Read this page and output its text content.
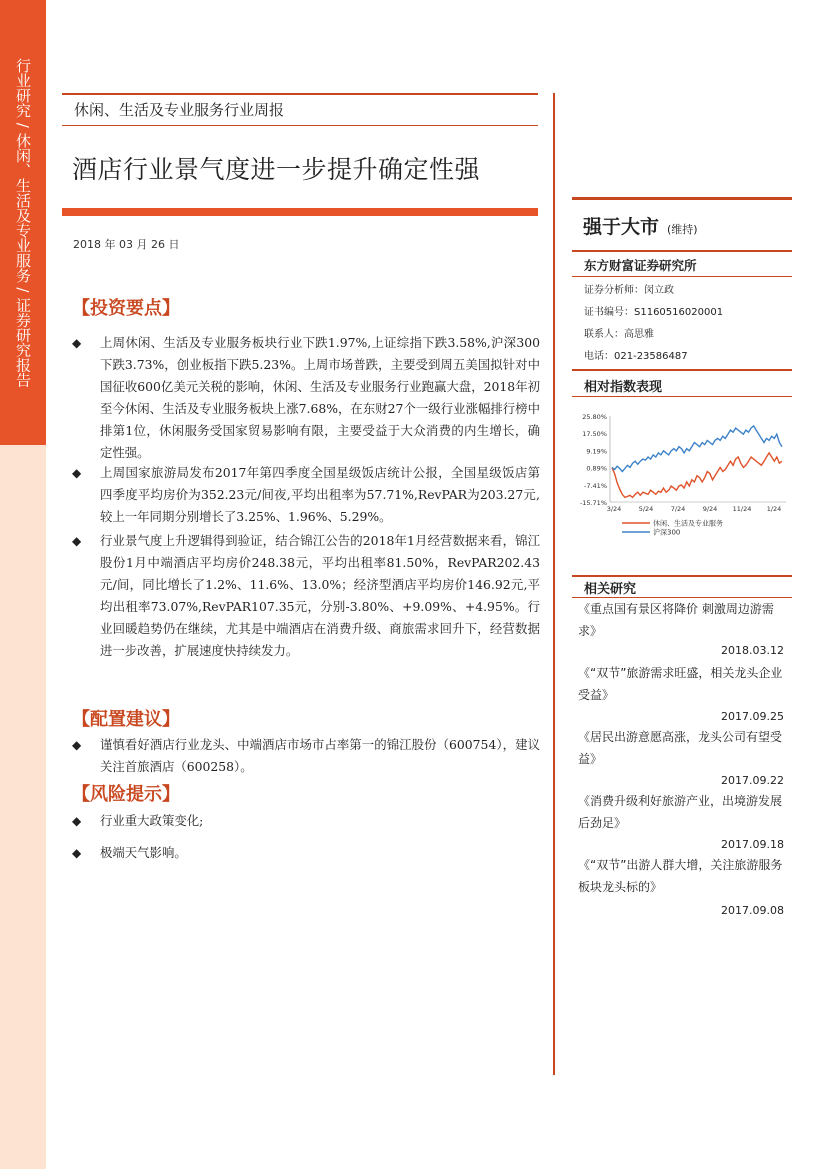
行业研究 / 休闲、生活及专业服务 / 证券研究报告	休闲、生活及专业服务行业周报
酒店行业景气度进一步提升确定性强
2018 年 03 月 26 日
【投资要点】
◆ 上周休闲、生活及专业服务板块行业下跌1.97%,上证综指下跌3.58%,沪深300下跌3.73%，创业板指下跌5.23%。上周市场普跌，主要受到周五美国拟针对中国征收600亿美元关税的影响，休闲、生活及专业服务行业跑赢大盘，2018年初至今休闲、生活及专业服务板块上涨7.68%，在东财27个一级行业涨幅排行榜中排第1位，休闲服务受国家贸易影响有限，主要受益于大众消费的内生增长，确定性强。
◆ 上周国家旅游局发布2017年第四季度全国星级饭店统计公报，全国星级饭店第四季度平均房价为352.23元/间夜,平均出租率为57.71%,RevPAR为203.27元,较上一年同期分别增长了3.25%、1.96%、5.29%。
◆ 行业景气度上升逻辑得到验证，结合锦江公告的2018年1月经营数据来看，锦江股份1月中端酒店平均房价248.38元，平均出租率81.50%，RevPAR202.43元/间，同比增长了1.2%、11.6%、13.0%；经济型酒店平均房价146.92元,平均出租率73.07%,RevPAR107.35元，分别-3.80%、+9.09%、+4.95%。行业回暖趋势仍在继续，尤其是中端酒店在消费升级、商旅需求回升下，经营数据进一步改善，扩展速度快持续发力。
【配置建议】
◆ 谨慎看好酒店行业龙头、中端酒店市场市占率第一的锦江股份（600754），建议关注首旅酒店（600258）。
【风险提示】
◆ 行业重大政策变化;
◆ 极端天气影响。
强于大市 (维持)
东方财富证券研究所
证券分析师：闵立政
证书编号：S1160516020001
联系人：高思雅
电话：021-23586487
相对指数表现
25.80%
17.50%
9.19%
0.89%
-7.41%
-15.71%
3/24	5/24	7/24	9/24 11/24 1/24
休闲、生活及专业服务
沪深300
相关研究
《重点国有景区将降价 刺激周边游需求》
2018.03.12
《“双节”旅游需求旺盛，相关龙头企业受益》
2017.09.25
《居民出游意愿高涨，龙头公司有望受益》
2017.09.22
《消费升级利好旅游产业，出境游发展后劲足》
2017.09.18
《“双节”出游人群大增，关注旅游服务板块龙头标的》
2017.09.08
